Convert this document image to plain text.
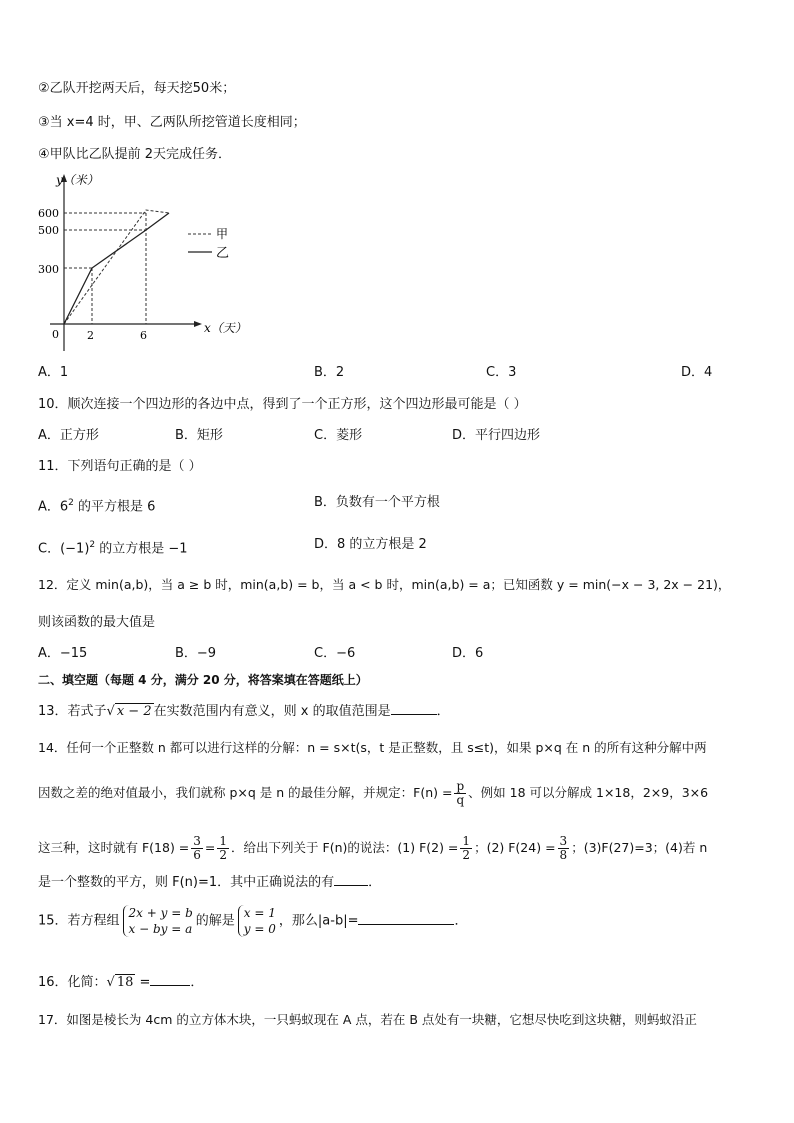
②乙队开挖两天后，每天挖50米；
③当 x=4 时，甲、乙两队所挖管道长度相同；
④甲队比乙队提前 2天完成任务．
y（米）
x（天）
600
500
300
0	2	6
甲
乙
A．1	B．2	C．3	D．4
10．顺次连接一个四边形的各边中点，得到了一个正方形，这个四边形最可能是（ ）
A．正方形	B．矩形	C．菱形	D．平行四边形
11．下列语句正确的是（ ）
A．$6^2$ 的平方根是 6	B．负数有一个平方根
C．$(-1)^2$ 的立方根是 −1	D．8 的立方根是 2
12．定义 min(a,b)，当 a ≥ b 时，min(a,b) = b，当 a < b 时，min(a,b) = a；已知函数 y = min(−x − 3, 2x − 21)，
则该函数的最大值是
A．−15	B．−9	C．−6	D．6
二、填空题（每题 4 分，满分 20 分，将答案填在答题纸上）
13．若式子√ x − 2 在实数范围内有意义，则 x 的取值范围是	．
14．任何一个正整数 n 都可以进行这样的分解：n = s×t(s，t 是正整数，且 s≤t)，如果 p×q 在 n 的所有这种分解中两
因数之差的绝对值最小，我们就称 p×q 是 n 的最佳分解，并规定：$F(n) = \frac{p}{q}$ 、例如 18 可以分解成 1×18，2×9，3×6
这三种，这时就有 $F(18) = \frac{3}{6} = \frac{1}{2}$ ．给出下列关于 F(n)的说法：(1) $F(2) = \frac{1}{2}$ ；(2) $F(24) = \frac{3}{8}$ ；(3)F(27)=3；(4)若 n
是一个整数的平方，则 F(n)=1．其中正确说法的有	．
15．若方程组
2x + y = b
x − by = a
的解是
x = 1
y = 0
，那么|a-b|=	．
16．化简：√ 18 =	．
17．如图是棱长为 4cm 的立方体木块，一只蚂蚁现在 A 点，若在 B 点处有一块糖，它想尽快吃到这块糖，则蚂蚁沿正
